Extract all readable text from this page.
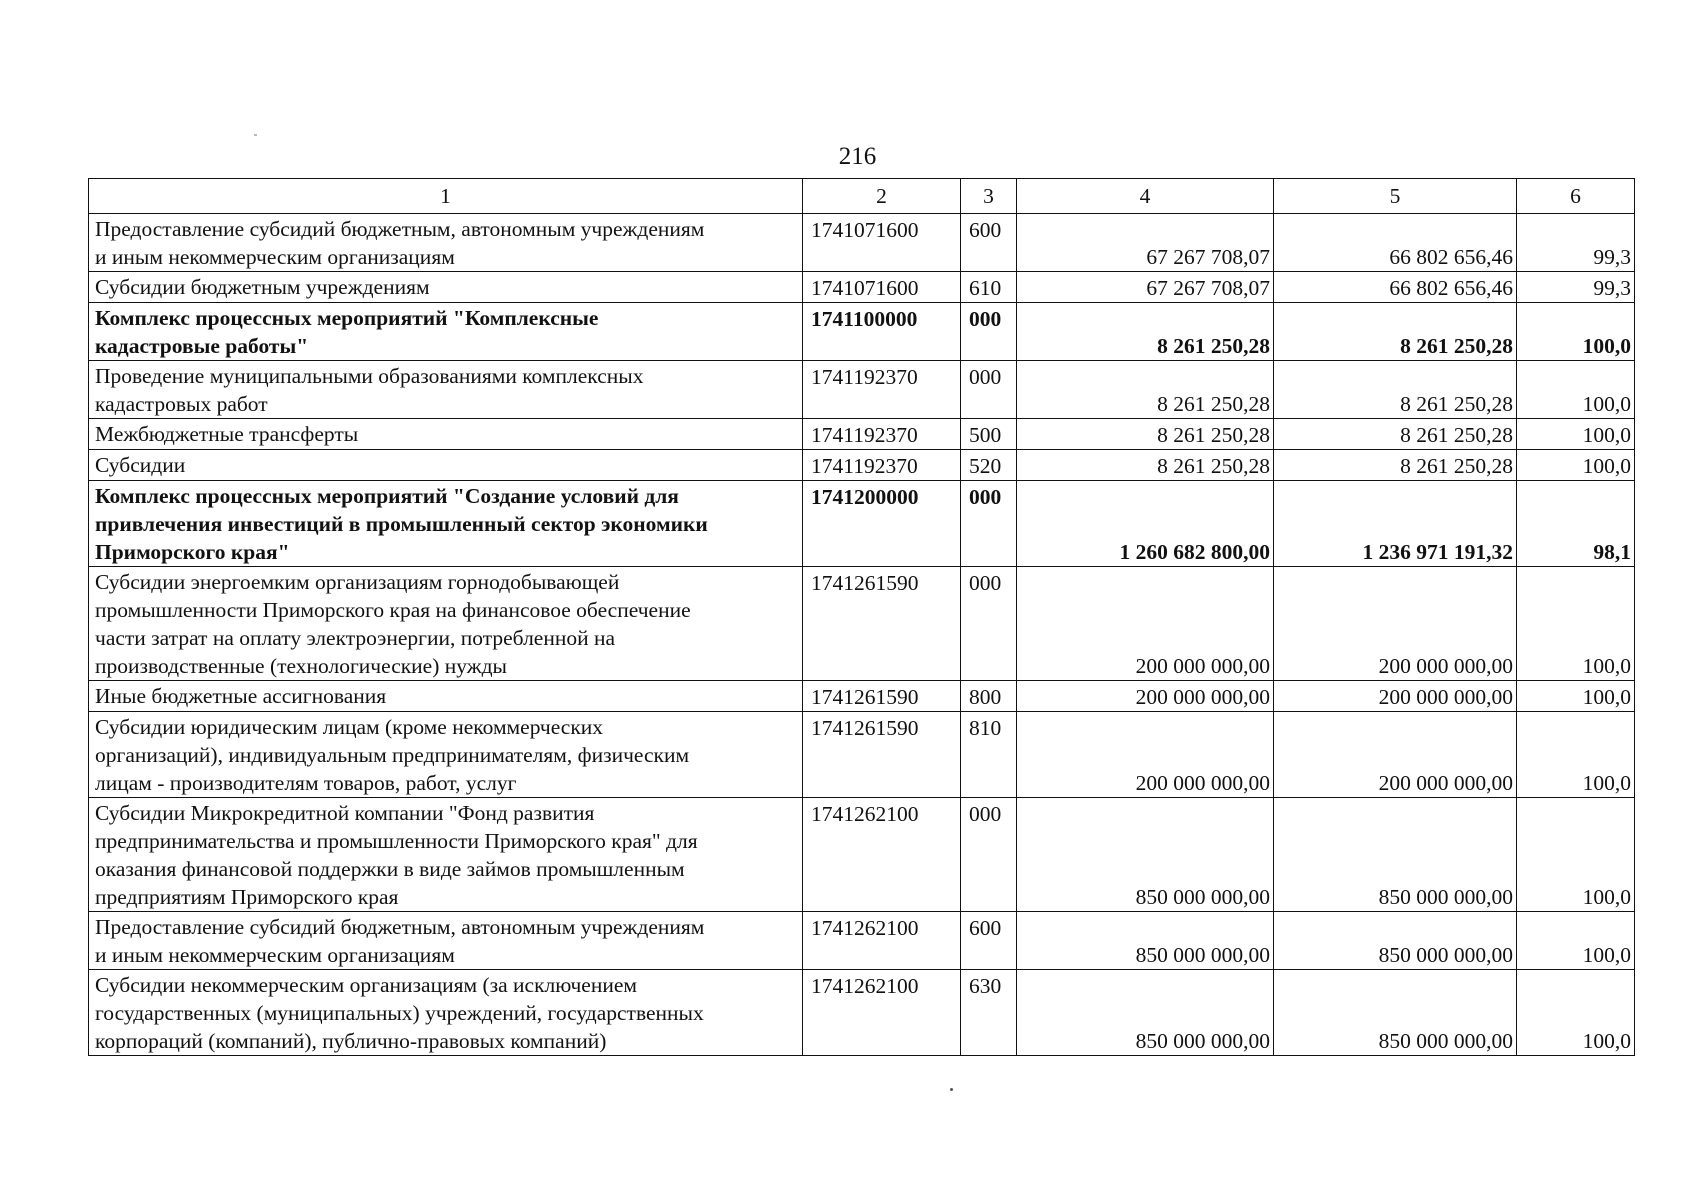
216
1	2	3	4	5	6

Предоставление субсидий бюджетным, автономным учреждениям
и иным некоммерческим организациям	1741071600	600	67 267 708,07	66 802 656,46	99,3

Субсидии бюджетным учреждениям	1741071600	610	67 267 708,07	66 802 656,46	99,3

Комплекс процессных мероприятий "Комплексные
кадастровые работы"	1741100000	000	8 261 250,28	8 261 250,28	100,0

Проведение муниципальными образованиями комплексных
кадастровых работ	1741192370	000	8 261 250,28	8 261 250,28	100,0

Межбюджетные трансферты	1741192370	500	8 261 250,28	8 261 250,28	100,0

Субсидии	1741192370	520	8 261 250,28	8 261 250,28	100,0

Комплекс процессных мероприятий "Создание условий для
привлечения инвестиций в промышленный сектор экономики
Приморского края"	1741200000	000	1 260 682 800,00	1 236 971 191,32	98,1

Субсидии энергоемким организациям горнодобывающей
промышленности Приморского края на финансовое обеспечение
части затрат на оплату электроэнергии, потребленной на
производственные (технологические) нужды	1741261590	000	200 000 000,00	200 000 000,00	100,0

Иные бюджетные ассигнования	1741261590	800	200 000 000,00	200 000 000,00	100,0

Субсидии юридическим лицам (кроме некоммерческих
организаций), индивидуальным предпринимателям, физическим
лицам - производителям товаров, работ, услуг	1741261590	810	200 000 000,00	200 000 000,00	100,0

Субсидии Микрокредитной компании "Фонд развития
предпринимательства и промышленности Приморского края" для
оказания финансовой поддержки в виде займов промышленным
предприятиям Приморского края	1741262100	000	850 000 000,00	850 000 000,00	100,0

Предоставление субсидий бюджетным, автономным учреждениям
и иным некоммерческим организациям	1741262100	600	850 000 000,00	850 000 000,00	100,0

Субсидии некоммерческим организациям (за исключением
государственных (муниципальных) учреждений, государственных
корпораций (компаний), публично-правовых компаний)	1741262100	630	850 000 000,00	850 000 000,00	100,0
